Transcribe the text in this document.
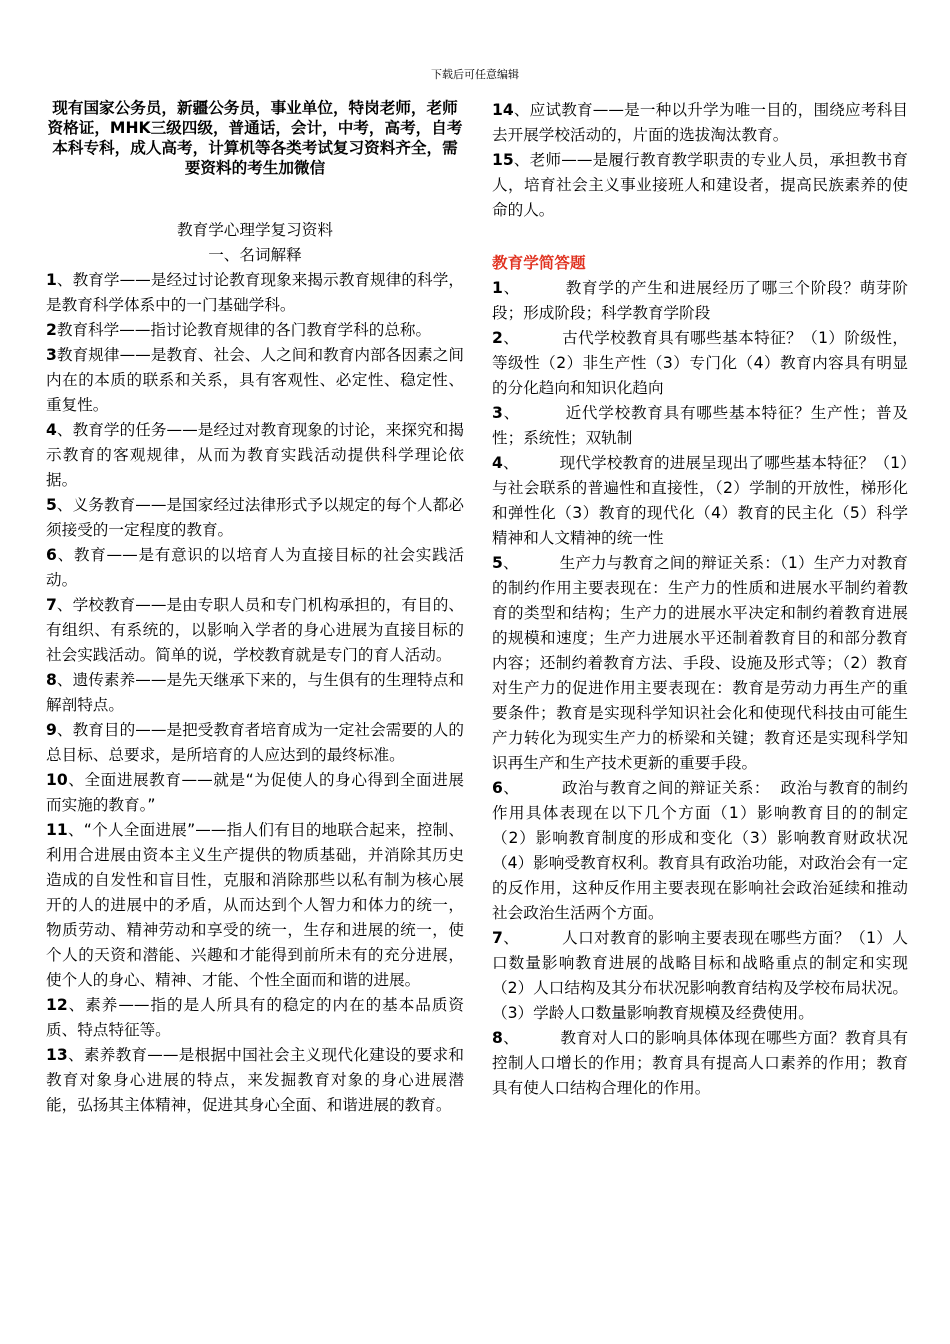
下载后可任意编辑

现有国家公务员，新疆公务员，事业单位，特岗老师，老师资格证，MHK三级四级，普通话，会计，中考，高考，自考本科专科，成人高考，计算机等各类考试复习资料齐全，需要资料的考生加微信

教育学心理学复习资料

一、名词解释

1、教育学——是经过讨论教育现象来揭示教育规律的科学，是教育科学体系中的一门基础学科。

2教育科学——指讨论教育规律的各门教育学科的总称。

3教育规律——是教育、社会、人之间和教育内部各因素之间内在的本质的联系和关系，具有客观性、必定性、稳定性、重复性。

4、教育学的任务——是经过对教育现象的讨论，来探究和揭示教育的客观规律，从而为教育实践活动提供科学理论依据。

5、义务教育——是国家经过法律形式予以规定的每个人都必须接受的一定程度的教育。

6、教育——是有意识的以培育人为直接目标的社会实践活动。

7、学校教育——是由专职人员和专门机构承担的，有目的、有组织、有系统的，以影响入学者的身心进展为直接目标的社会实践活动。简单的说，学校教育就是专门的育人活动。

8、遗传素养——是先天继承下来的，与生俱有的生理特点和解剖特点。

9、教育目的——是把受教育者培育成为一定社会需要的人的总目标、总要求，是所培育的人应达到的最终标准。

10、全面进展教育——就是“为促使人的身心得到全面进展而实施的教育。”

11、“个人全面进展”——指人们有目的地联合起来，控制、利用合进展由资本主义生产提供的物质基础，并消除其历史造成的自发性和盲目性，克服和消除那些以私有制为核心展开的人的进展中的矛盾，从而达到个人智力和体力的统一，物质劳动、精神劳动和享受的统一，生存和进展的统一，使个人的天资和潜能、兴趣和才能得到前所未有的充分进展，使个人的身心、精神、才能、个性全面而和谐的进展。

12、素养——指的是人所具有的稳定的内在的基本品质资质、特点特征等。

13、素养教育——是根据中国社会主义现代化建设的要求和教育对象身心进展的特点，来发掘教育对象的身心进展潜能，弘扬其主体精神，促进其身心全面、和谐进展的教育。

14、应试教育——是一种以升学为唯一目的，围绕应考科目去开展学校活动的，片面的选拔淘汰教育。

15、老师——是履行教育教学职责的专业人员，承担教书育人，培育社会主义事业接班人和建设者，提高民族素养的使命的人。

教育学简答题

1、        教育学的产生和进展经历了哪三个阶段？萌芽阶段；形成阶段；科学教育学阶段

2、        古代学校教育具有哪些基本特征？（1）阶级性，等级性（2）非生产性（3）专门化（4）教育内容具有明显的分化趋向和知识化趋向

3、        近代学校教育具有哪些基本特征？生产性；普及性；系统性；双轨制

4、        现代学校教育的进展呈现出了哪些基本特征？（1）与社会联系的普遍性和直接性，（2）学制的开放性，梯形化和弹性化（3）教育的现代化（4）教育的民主化（5）科学精神和人文精神的统一性

5、        生产力与教育之间的辩证关系：（1）生产力对教育的制约作用主要表现在：生产力的性质和进展水平制约着教育的类型和结构；生产力的进展水平决定和制约着教育进展的规模和速度；生产力进展水平还制着教育目的和部分教育内容；还制约着教育方法、手段、设施及形式等；（2）教育对生产力的促进作用主要表现在：教育是劳动力再生产的重要条件；教育是实现科学知识社会化和使现代科技由可能生产力转化为现实生产力的桥梁和关键；教育还是实现科学知识再生产和生产技术更新的重要手段。

6、        政治与教育之间的辩证关系：  政治与教育的制约作用具体表现在以下几个方面（1）影响教育目的的制定（2）影响教育制度的形成和变化（3）影响教育财政状况（4）影响受教育权利。教育具有政治功能，对政治会有一定的反作用，这种反作用主要表现在影响社会政治延续和推动社会政治生活两个方面。

7、        人口对教育的影响主要表现在哪些方面？（1）人口数量影响教育进展的战略目标和战略重点的制定和实现（2）人口结构及其分布状况影响教育结构及学校布局状况。（3）学龄人口数量影响教育规模及经费使用。

8、        教育对人口的影响具体体现在哪些方面？教育具有控制人口增长的作用；教育具有提高人口素养的作用；教育具有使人口结构合理化的作用。
